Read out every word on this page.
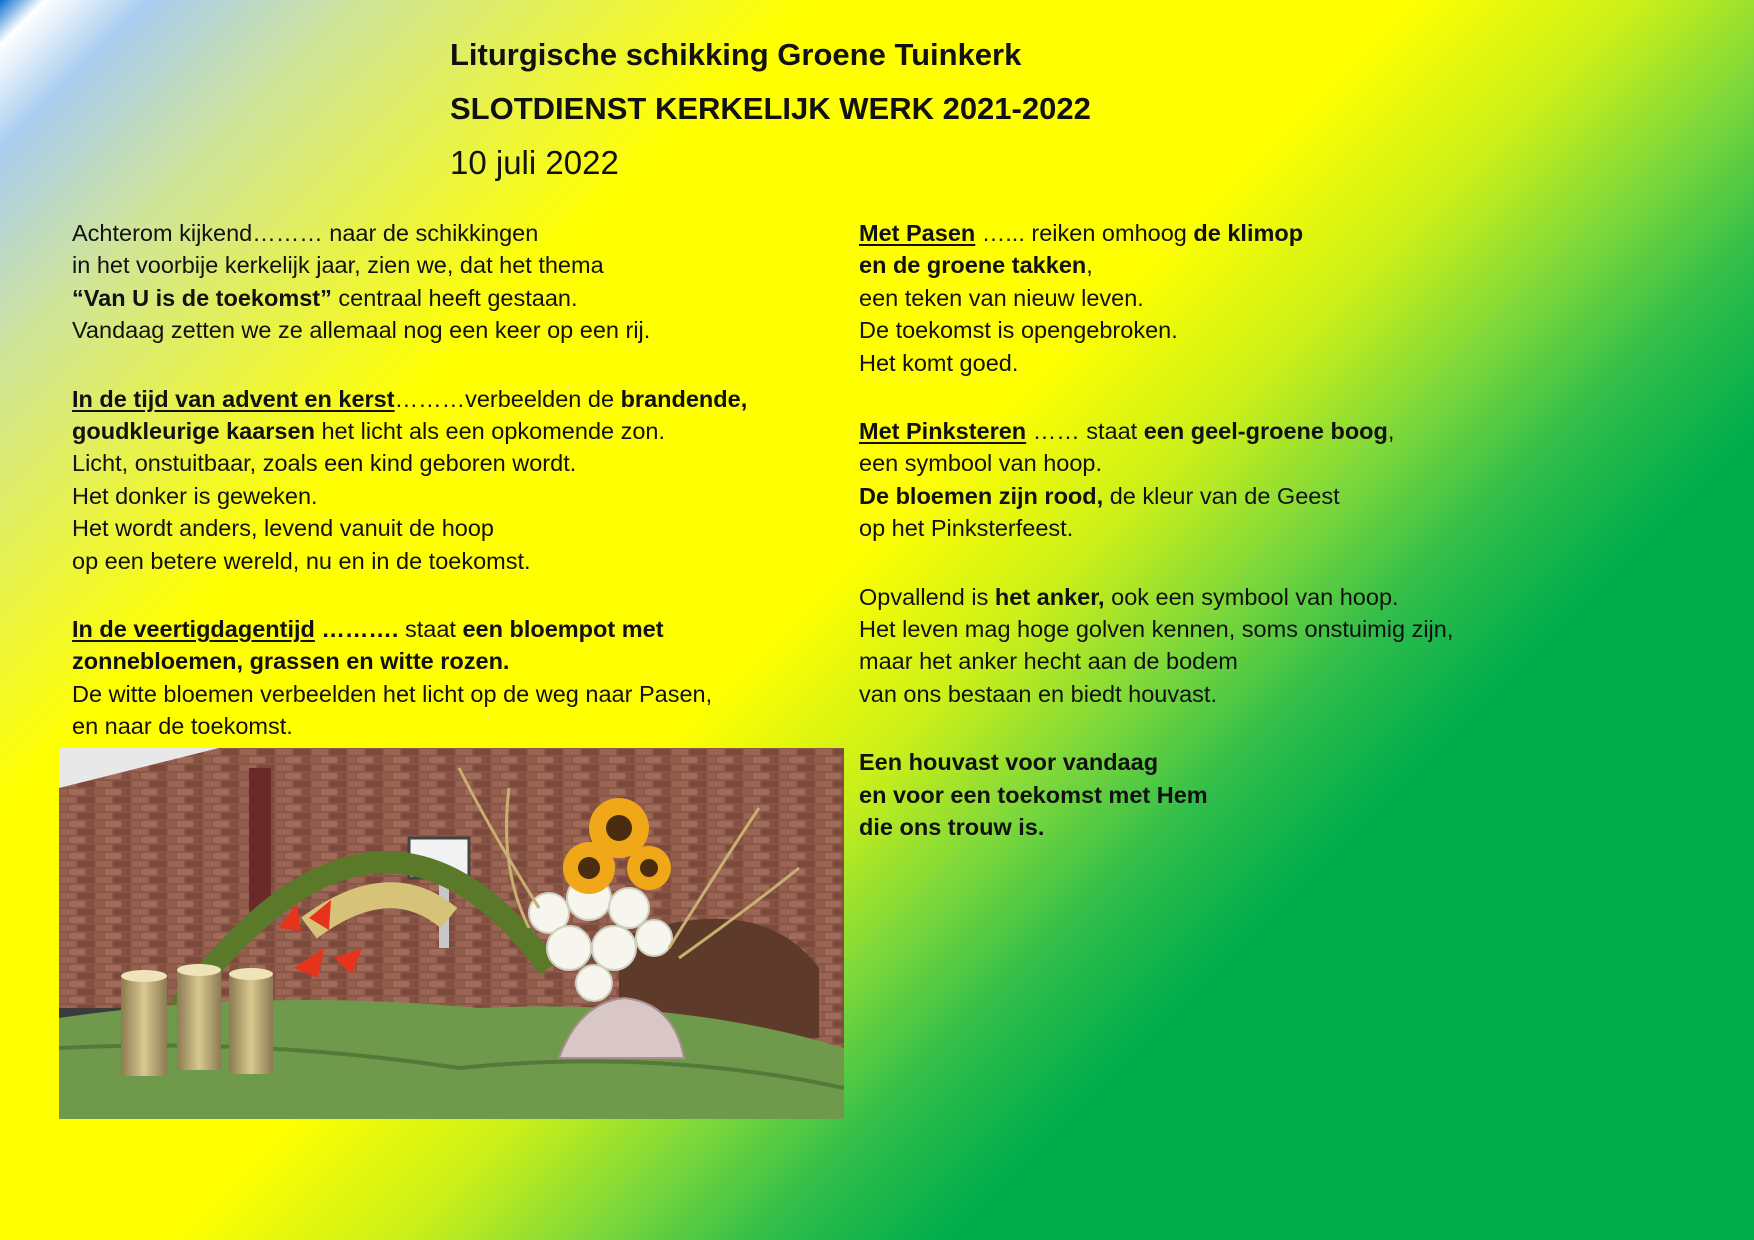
Liturgische schikking Groene Tuinkerk
SLOTDIENST KERKELIJK WERK 2021-2022
10 juli 2022
Achterom kijkend……… naar de schikkingen
in het voorbije kerkelijk jaar, zien we, dat het thema
“Van U is de toekomst” centraal heeft gestaan.
Vandaag zetten we ze allemaal nog een keer op een rij.
In de tijd van advent en kerst………verbeelden de brandende,
goudkleurige kaarsen het licht als een opkomende zon.
Licht, onstuitbaar, zoals een kind geboren wordt.
Het donker is geweken.
Het wordt anders, levend vanuit de hoop
op een betere wereld, nu en in de toekomst.
In de veertigdagentijd ………. staat een bloempot met
zonnebloemen, grassen en witte rozen.
De witte bloemen verbeelden het licht op de weg naar Pasen,
en naar de toekomst.
Met Pasen …... reiken omhoog de klimop
en de groene takken,
een teken van nieuw leven.
De toekomst is opengebroken.
Het komt goed.
Met Pinksteren …… staat een geel-groene boog,
een symbool van hoop.
De bloemen zijn rood, de kleur van de Geest
op het Pinksterfeest.
Opvallend is het anker, ook een symbool van hoop.
Het leven mag hoge golven kennen, soms onstuimig zijn,
maar het anker hecht aan de bodem
van ons bestaan en biedt houvast.
Een houvast voor vandaag
en voor een toekomst met Hem
die ons trouw is.
